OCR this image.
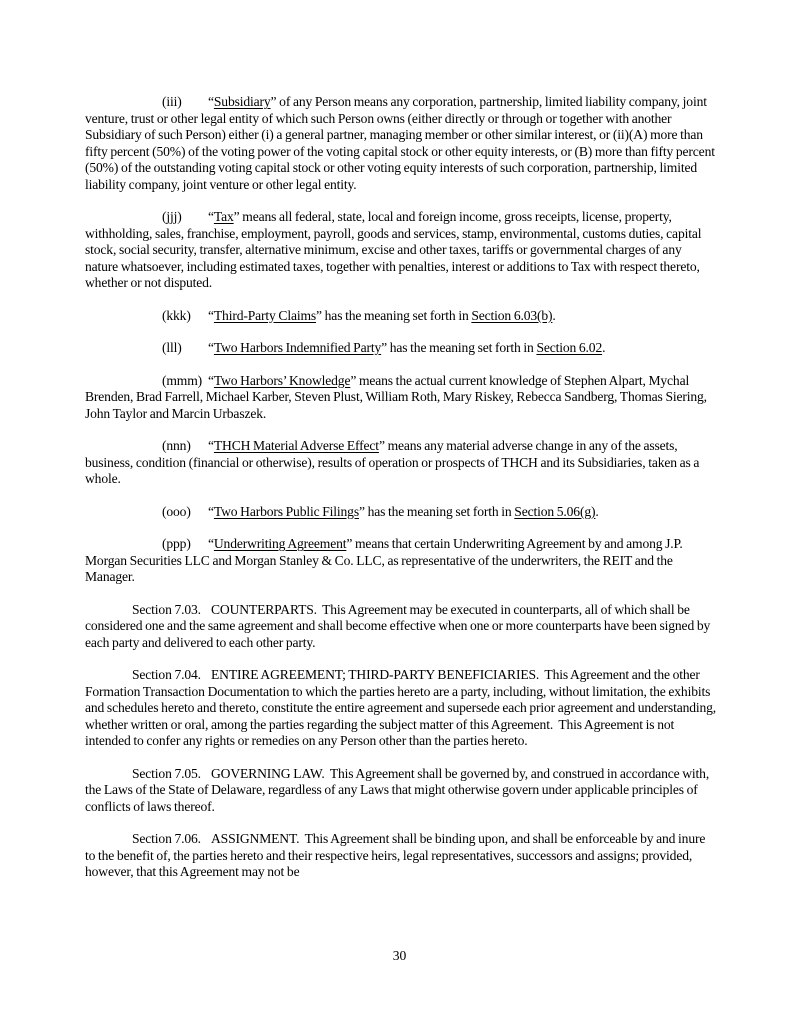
(iii) “Subsidiary” of any Person means any corporation, partnership, limited liability company, joint venture, trust or other legal entity of which such Person owns (either directly or through or together with another Subsidiary of such Person) either (i) a general partner, managing member or other similar interest, or (ii)(A) more than fifty percent (50%) of the voting power of the voting capital stock or other equity interests, or (B) more than fifty percent (50%) of the outstanding voting capital stock or other voting equity interests of such corporation, partnership, limited liability company, joint venture or other legal entity.

(jjj) “Tax” means all federal, state, local and foreign income, gross receipts, license, property, withholding, sales, franchise, employment, payroll, goods and services, stamp, environmental, customs duties, capital stock, social security, transfer, alternative minimum, excise and other taxes, tariffs or governmental charges of any nature whatsoever, including estimated taxes, together with penalties, interest or additions to Tax with respect thereto, whether or not disputed.

(kkk) “Third-Party Claims” has the meaning set forth in Section 6.03(b).

(lll) “Two Harbors Indemnified Party” has the meaning set forth in Section 6.02.

(mmm) “Two Harbors’ Knowledge” means the actual current knowledge of Stephen Alpart, Mychal Brenden, Brad Farrell, Michael Karber, Steven Plust, William Roth, Mary Riskey, Rebecca Sandberg, Thomas Siering, John Taylor and Marcin Urbaszek.

(nnn) “THCH Material Adverse Effect” means any material adverse change in any of the assets, business, condition (financial or otherwise), results of operation or prospects of THCH and its Subsidiaries, taken as a whole.

(ooo) “Two Harbors Public Filings” has the meaning set forth in Section 5.06(g).

(ppp) “Underwriting Agreement” means that certain Underwriting Agreement by and among J.P. Morgan Securities LLC and Morgan Stanley & Co. LLC, as representative of the underwriters, the REIT and the Manager.

Section 7.03. COUNTERPARTS.  This Agreement may be executed in counterparts, all of which shall be considered one and the same agreement and shall become effective when one or more counterparts have been signed by each party and delivered to each other party.

Section 7.04. ENTIRE AGREEMENT; THIRD-PARTY BENEFICIARIES.  This Agreement and the other Formation Transaction Documentation to which the parties hereto are a party, including, without limitation, the exhibits and schedules hereto and thereto, constitute the entire agreement and supersede each prior agreement and understanding, whether written or oral, among the parties regarding the subject matter of this Agreement.  This Agreement is not intended to confer any rights or remedies on any Person other than the parties hereto.

Section 7.05. GOVERNING LAW.  This Agreement shall be governed by, and construed in accordance with, the Laws of the State of Delaware, regardless of any Laws that might otherwise govern under applicable principles of conflicts of laws thereof.

Section 7.06. ASSIGNMENT.  This Agreement shall be binding upon, and shall be enforceable by and inure to the benefit of, the parties hereto and their respective heirs, legal representatives, successors and assigns; provided, however, that this Agreement may not be

30
